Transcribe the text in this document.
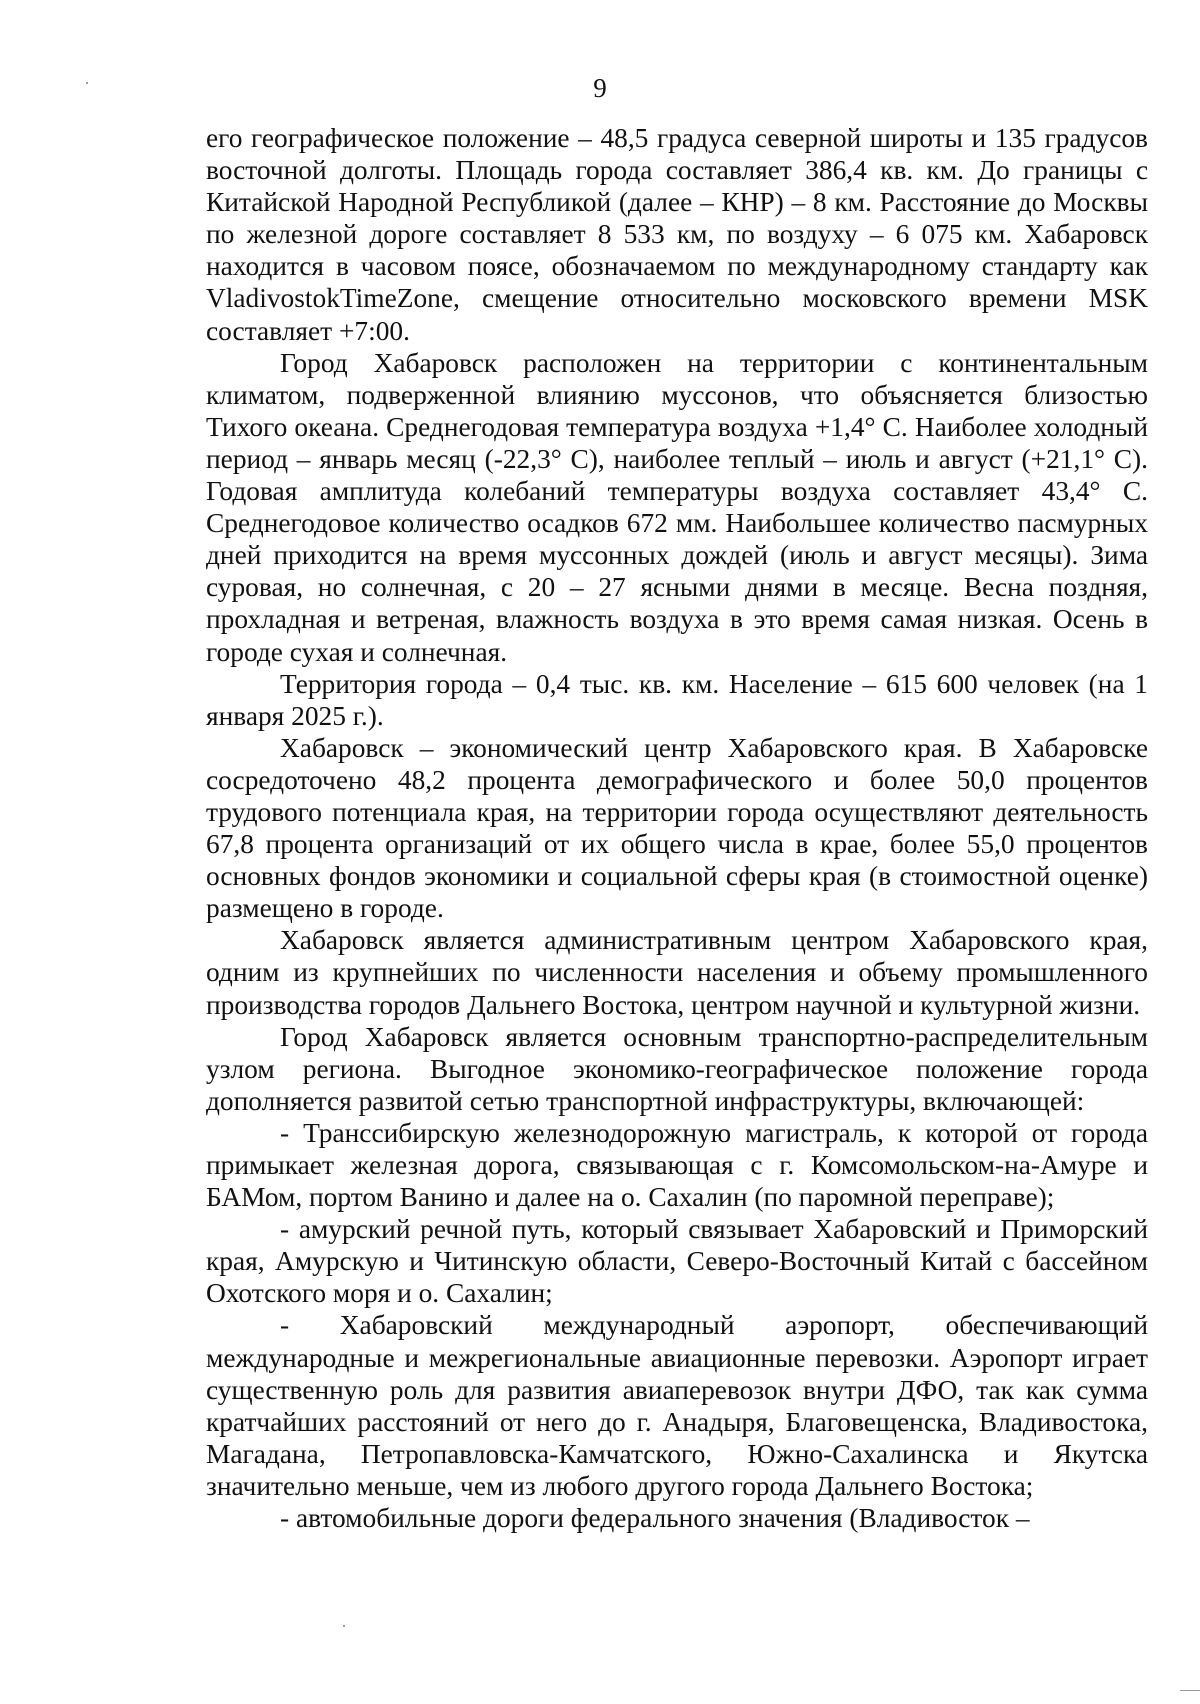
9

его географическое положение – 48,5 градуса северной широты и 135 градусов восточной долготы. Площадь города составляет 386,4 кв. км. До границы с Китайской Народной Республикой (далее – КНР) – 8 км. Расстояние до Москвы по железной дороге составляет 8 533 км, по воздуху – 6 075 км. Хабаровск находится в часовом поясе, обозначаемом по международному стандарту как VladivostokTimeZone, смещение относительно московского времени MSK составляет +7:00.

Город Хабаровск расположен на территории с континентальным климатом, подверженной влиянию муссонов, что объясняется близостью Тихого океана. Среднегодовая температура воздуха +1,4° С. Наиболее холодный период – январь месяц (-22,3° С), наиболее теплый – июль и август (+21,1° С). Годовая амплитуда колебаний температуры воздуха составляет 43,4° С. Среднегодовое количество осадков 672 мм. Наибольшее количество пасмурных дней приходится на время муссонных дождей (июль и август месяцы). Зима суровая, но солнечная, с 20 – 27 ясными днями в месяце. Весна поздняя, прохладная и ветреная, влажность воздуха в это время самая низкая. Осень в городе сухая и солнечная.

Территория города – 0,4 тыс. кв. км. Население – 615 600 человек (на 1 января 2025 г.).

Хабаровск – экономический центр Хабаровского края. В Хабаровске сосредоточено 48,2 процента демографического и более 50,0 процентов трудового потенциала края, на территории города осуществляют деятельность 67,8 процента организаций от их общего числа в крае, более 55,0 процентов основных фондов экономики и социальной сферы края (в стоимостной оценке) размещено в городе.

Хабаровск является административным центром Хабаровского края, одним из крупнейших по численности населения и объему промышленного производства городов Дальнего Востока, центром научной и культурной жизни.

Город Хабаровск является основным транспортно-распределительным узлом региона. Выгодное экономико-географическое положение города дополняется развитой сетью транспортной инфраструктуры, включающей:

- Транссибирскую железнодорожную магистраль, к которой от города примыкает железная дорога, связывающая с г. Комсомольском-на-Амуре и БАМом, портом Ванино и далее на о. Сахалин (по паромной переправе);

- амурский речной путь, который связывает Хабаровский и Приморский края, Амурскую и Читинскую области, Северо-Восточный Китай с бассейном Охотского моря и о. Сахалин;

- Хабаровский международный аэропорт, обеспечивающий международные и межрегиональные авиационные перевозки. Аэропорт играет существенную роль для развития авиаперевозок внутри ДФО, так как сумма кратчайших расстояний от него до г. Анадыря, Благовещенска, Владивостока, Магадана, Петропавловска-Камчатского, Южно-Сахалинска и Якутска значительно меньше, чем из любого другого города Дальнего Востока;

- автомобильные дороги федерального значения (Владивосток –
